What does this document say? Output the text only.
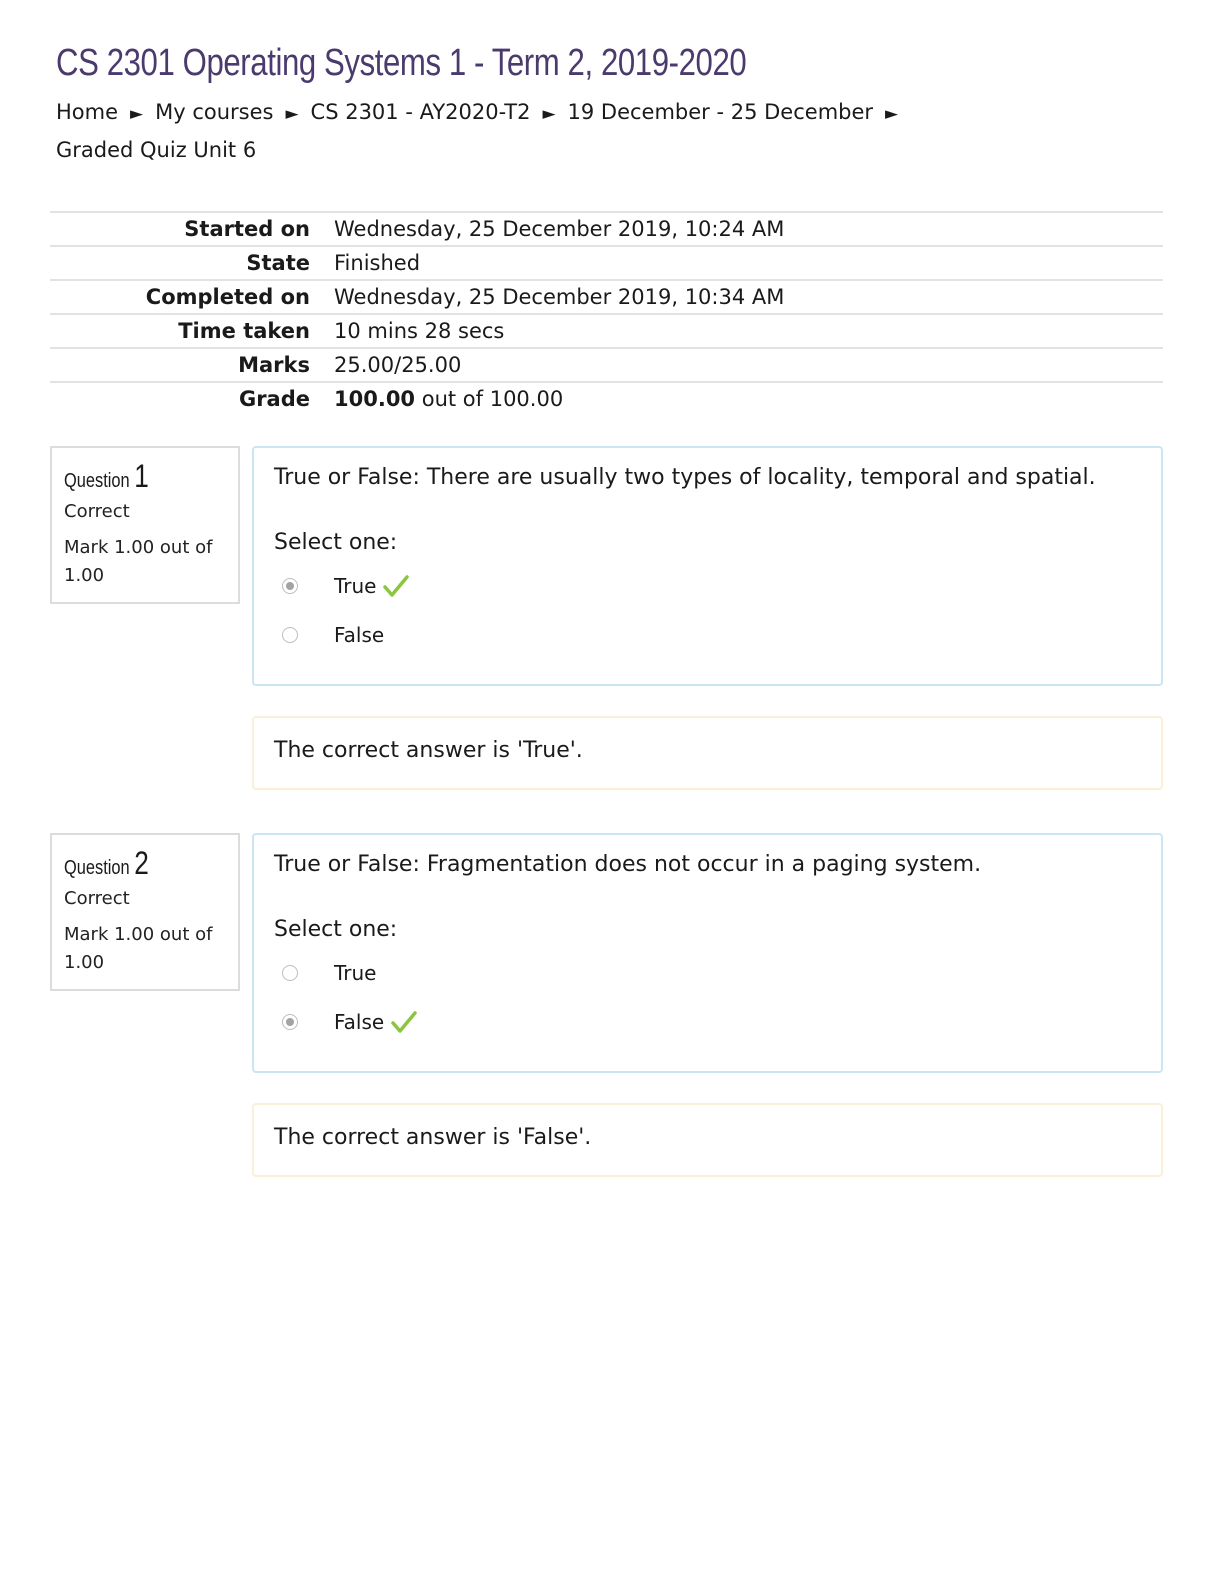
CS 2301 Operating Systems 1 - Term 2, 2019-2020
Home ► My courses ► CS 2301 - AY2020-T2 ► 19 December - 25 December ►
Graded Quiz Unit 6
Started on	Wednesday, 25 December 2019, 10:24 AM
State	Finished
Completed on	Wednesday, 25 December 2019, 10:34 AM
Time taken	10 mins 28 secs
Marks	25.00/25.00
Grade	100.00 out of 100.00
Question 1
Correct
Mark 1.00 out of 1.00
True or False: There are usually two types of locality, temporal and spatial.
Select one:
True
False
The correct answer is 'True'.
Question 2
Correct
Mark 1.00 out of 1.00
True or False: Fragmentation does not occur in a paging system.
Select one:
True
False
The correct answer is 'False'.
